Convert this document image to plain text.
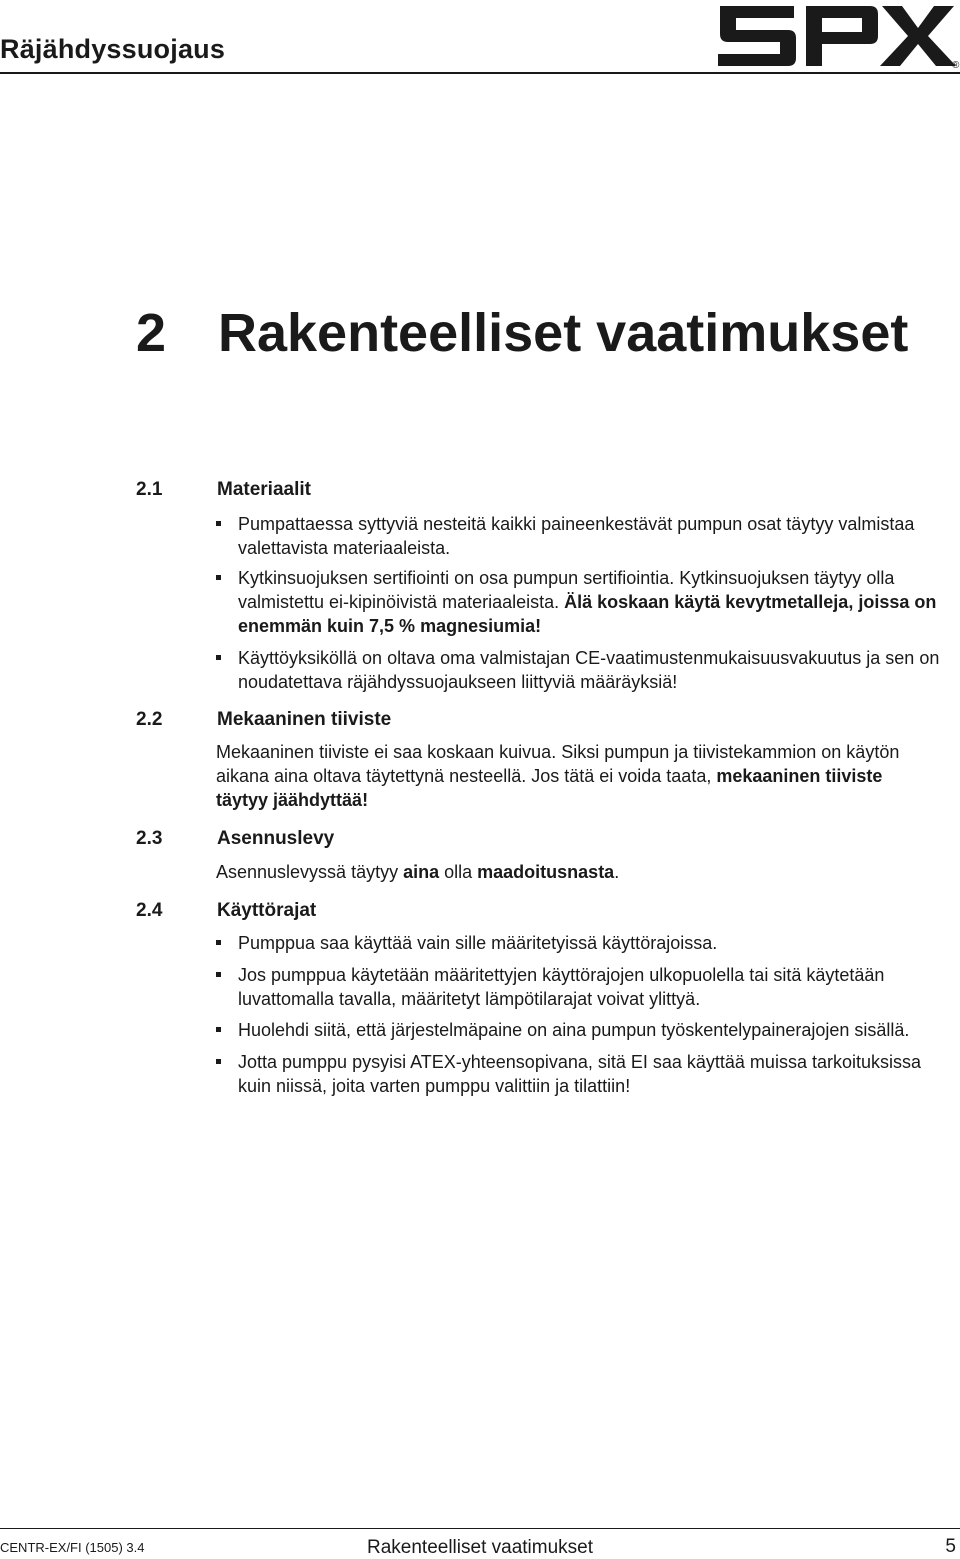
Räjähdyssuojaus
®
2 Rakenteelliset vaatimukset
2.1	Materiaalit
Pumpattaessa syttyviä nesteitä kaikki paineenkestävät pumpun osat täytyy valmistaa valettavista materiaaleista.
Kytkinsuojuksen sertifiointi on osa pumpun sertifiointia. Kytkinsuojuksen täytyy olla valmistettu ei-kipinöivistä materiaaleista. Älä koskaan käytä kevytmetalleja, joissa on enemmän kuin 7,5 % magnesiumia!
Käyttöyksiköllä on oltava oma valmistajan CE-vaatimustenmukaisuusvakuutus ja sen on noudatettava räjähdyssuojaukseen liittyviä määräyksiä!
2.2	Mekaaninen tiiviste
Mekaaninen tiiviste ei saa koskaan kuivua. Siksi pumpun ja tiivistekammion on käytön aikana aina oltava täytettynä nesteellä. Jos tätä ei voida taata, mekaaninen tiiviste täytyy jäähdyttää!
2.3	Asennuslevy
Asennuslevyssä täytyy aina olla maadoitusnasta.
2.4	Käyttörajat
Pumppua saa käyttää vain sille määritetyissä käyttörajoissa.
Jos pumppua käytetään määritettyjen käyttörajojen ulkopuolella tai sitä käytetään luvattomalla tavalla, määritetyt lämpötilarajat voivat ylittyä.
Huolehdi siitä, että järjestelmäpaine on aina pumpun työskentelypainerajojen sisällä.
Jotta pumppu pysyisi ATEX-yhteensopivana, sitä EI saa käyttää muissa tarkoituksissa kuin niissä, joita varten pumppu valittiin ja tilattiin!
CENTR-EX/FI (1505) 3.4	Rakenteelliset vaatimukset	5
